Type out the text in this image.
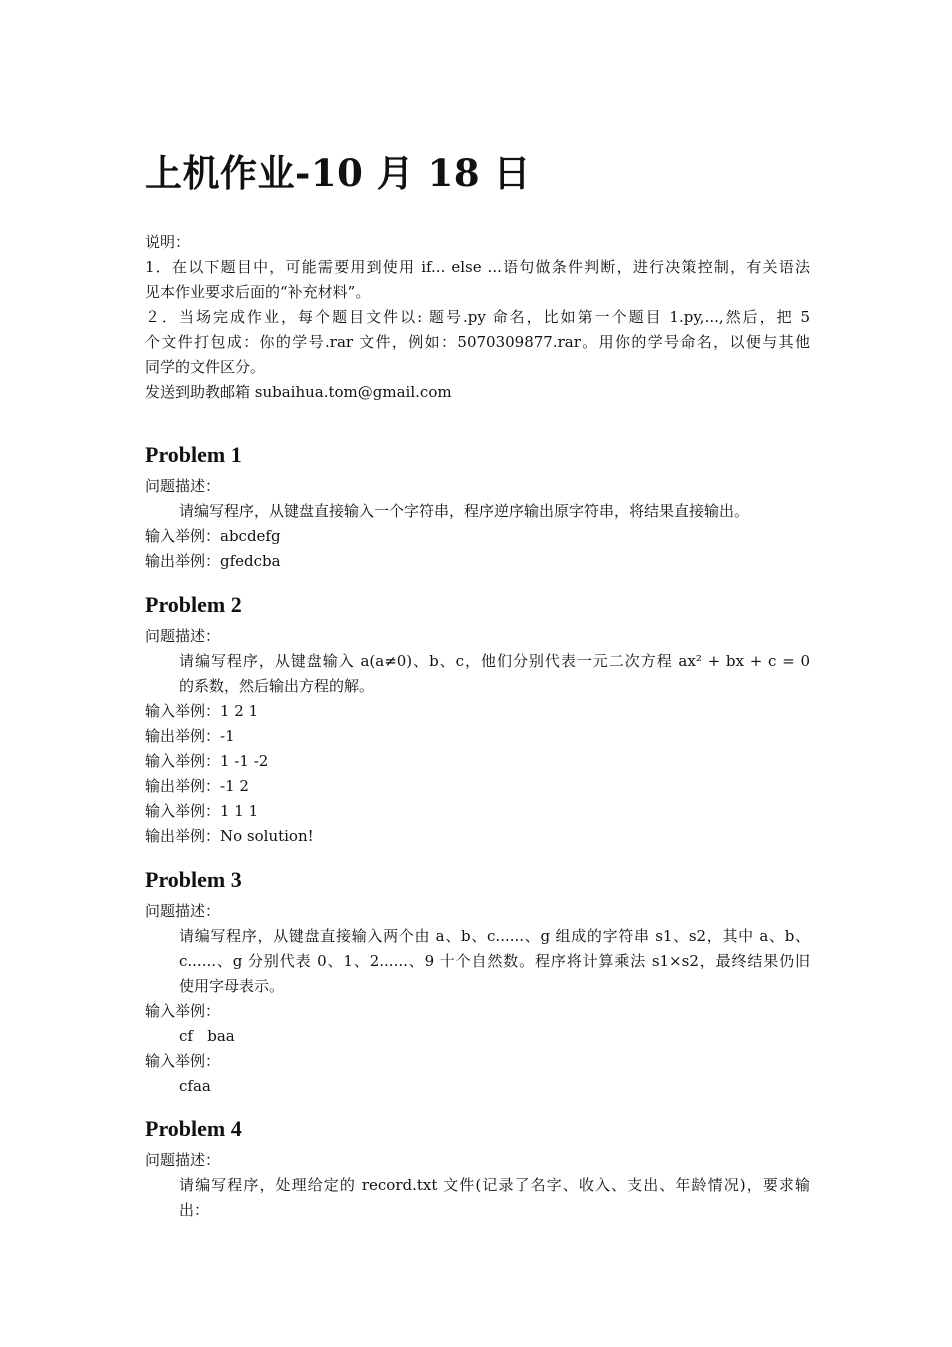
上机作业-10 月 18 日

说明：

1．在以下题目中，可能需要用到使用 if... else ...语句做条件判断，进行决策控制，有关语法

见本作业要求后面的“补充材料”。

２．当场完成作业，每个题目文件以: 题号.py 命名，比如第一个题目 1.py,...,然后，把 5

个文件打包成：你的学号.rar 文件，例如：5070309877.rar。用你的学号命名，以便与其他

同学的文件区分。

发送到助教邮箱 subaihua.tom@gmail.com

Problem 1

问题描述：

请编写程序，从键盘直接输入一个字符串，程序逆序输出原字符串，将结果直接输出。

输入举例：abcdefg

输出举例：gfedcba

Problem 2

问题描述：

请编写程序，从键盘输入 a(a≠0)、b、c，他们分别代表一元二次方程 ax² + bx + c = 0

的系数，然后输出方程的解。

输入举例：1 2 1

输出举例：-1

输入举例：1 -1 -2

输出举例：-1 2

输入举例：1 1 1

输出举例：No solution!

Problem 3

问题描述：

请编写程序，从键盘直接输入两个由 a、b、c......、g 组成的字符串 s1、s2，其中 a、b、

c......、g 分别代表 0、1、2......、9 十个自然数。程序将计算乘法 s1×s2，最终结果仍旧

使用字母表示。

输入举例：

cf   baa

输入举例：

cfaa

Problem 4

问题描述：

请编写程序，处理给定的 record.txt 文件(记录了名字、收入、支出、年龄情况)，要求输

出：
